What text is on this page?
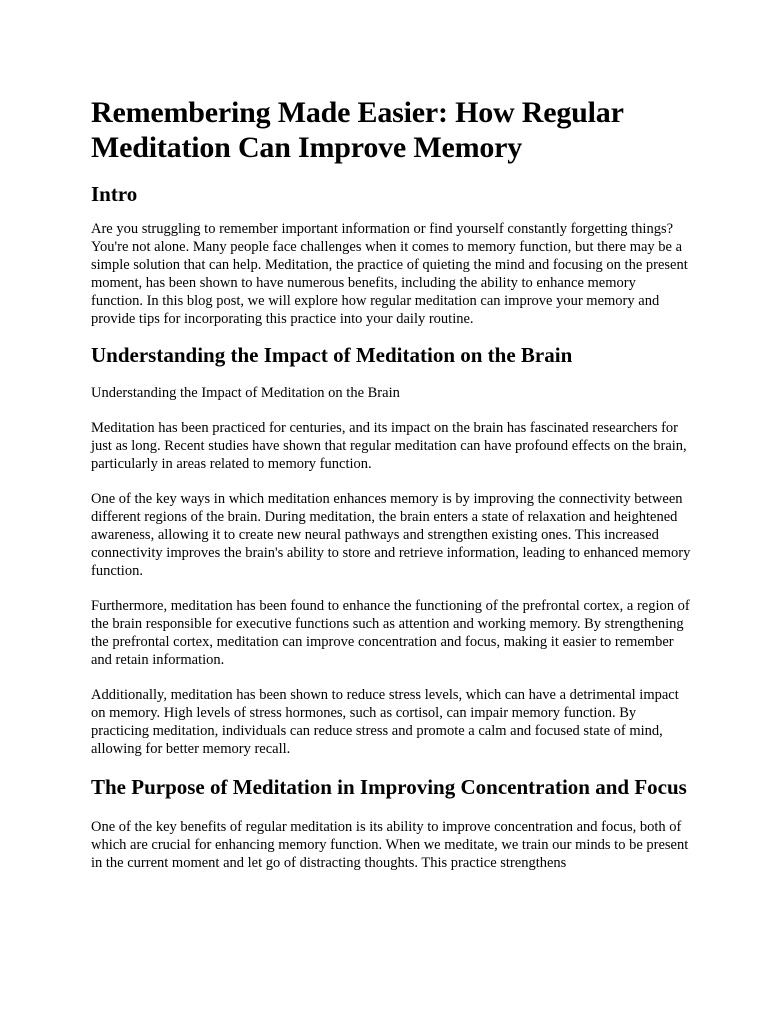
Remembering Made Easier: How Regular Meditation Can Improve Memory
Intro

Are you struggling to remember important information or find yourself constantly forgetting things? You're not alone. Many people face challenges when it comes to memory function, but there may be a simple solution that can help. Meditation, the practice of quieting the mind and focusing on the present moment, has been shown to have numerous benefits, including the ability to enhance memory function. In this blog post, we will explore how regular meditation can improve your memory and provide tips for incorporating this practice into your daily routine.

Understanding the Impact of Meditation on the Brain

Understanding the Impact of Meditation on the Brain

Meditation has been practiced for centuries, and its impact on the brain has fascinated researchers for just as long. Recent studies have shown that regular meditation can have profound effects on the brain, particularly in areas related to memory function.

One of the key ways in which meditation enhances memory is by improving the connectivity between different regions of the brain. During meditation, the brain enters a state of relaxation and heightened awareness, allowing it to create new neural pathways and strengthen existing ones. This increased connectivity improves the brain's ability to store and retrieve information, leading to enhanced memory function.

Furthermore, meditation has been found to enhance the functioning of the prefrontal cortex, a region of the brain responsible for executive functions such as attention and working memory. By strengthening the prefrontal cortex, meditation can improve concentration and focus, making it easier to remember and retain information.

Additionally, meditation has been shown to reduce stress levels, which can have a detrimental impact on memory. High levels of stress hormones, such as cortisol, can impair memory function. By practicing meditation, individuals can reduce stress and promote a calm and focused state of mind, allowing for better memory recall.

The Purpose of Meditation in Improving Concentration and Focus

One of the key benefits of regular meditation is its ability to improve concentration and focus, both of which are crucial for enhancing memory function. When we meditate, we train our minds to be present in the current moment and let go of distracting thoughts. This practice strengthens
